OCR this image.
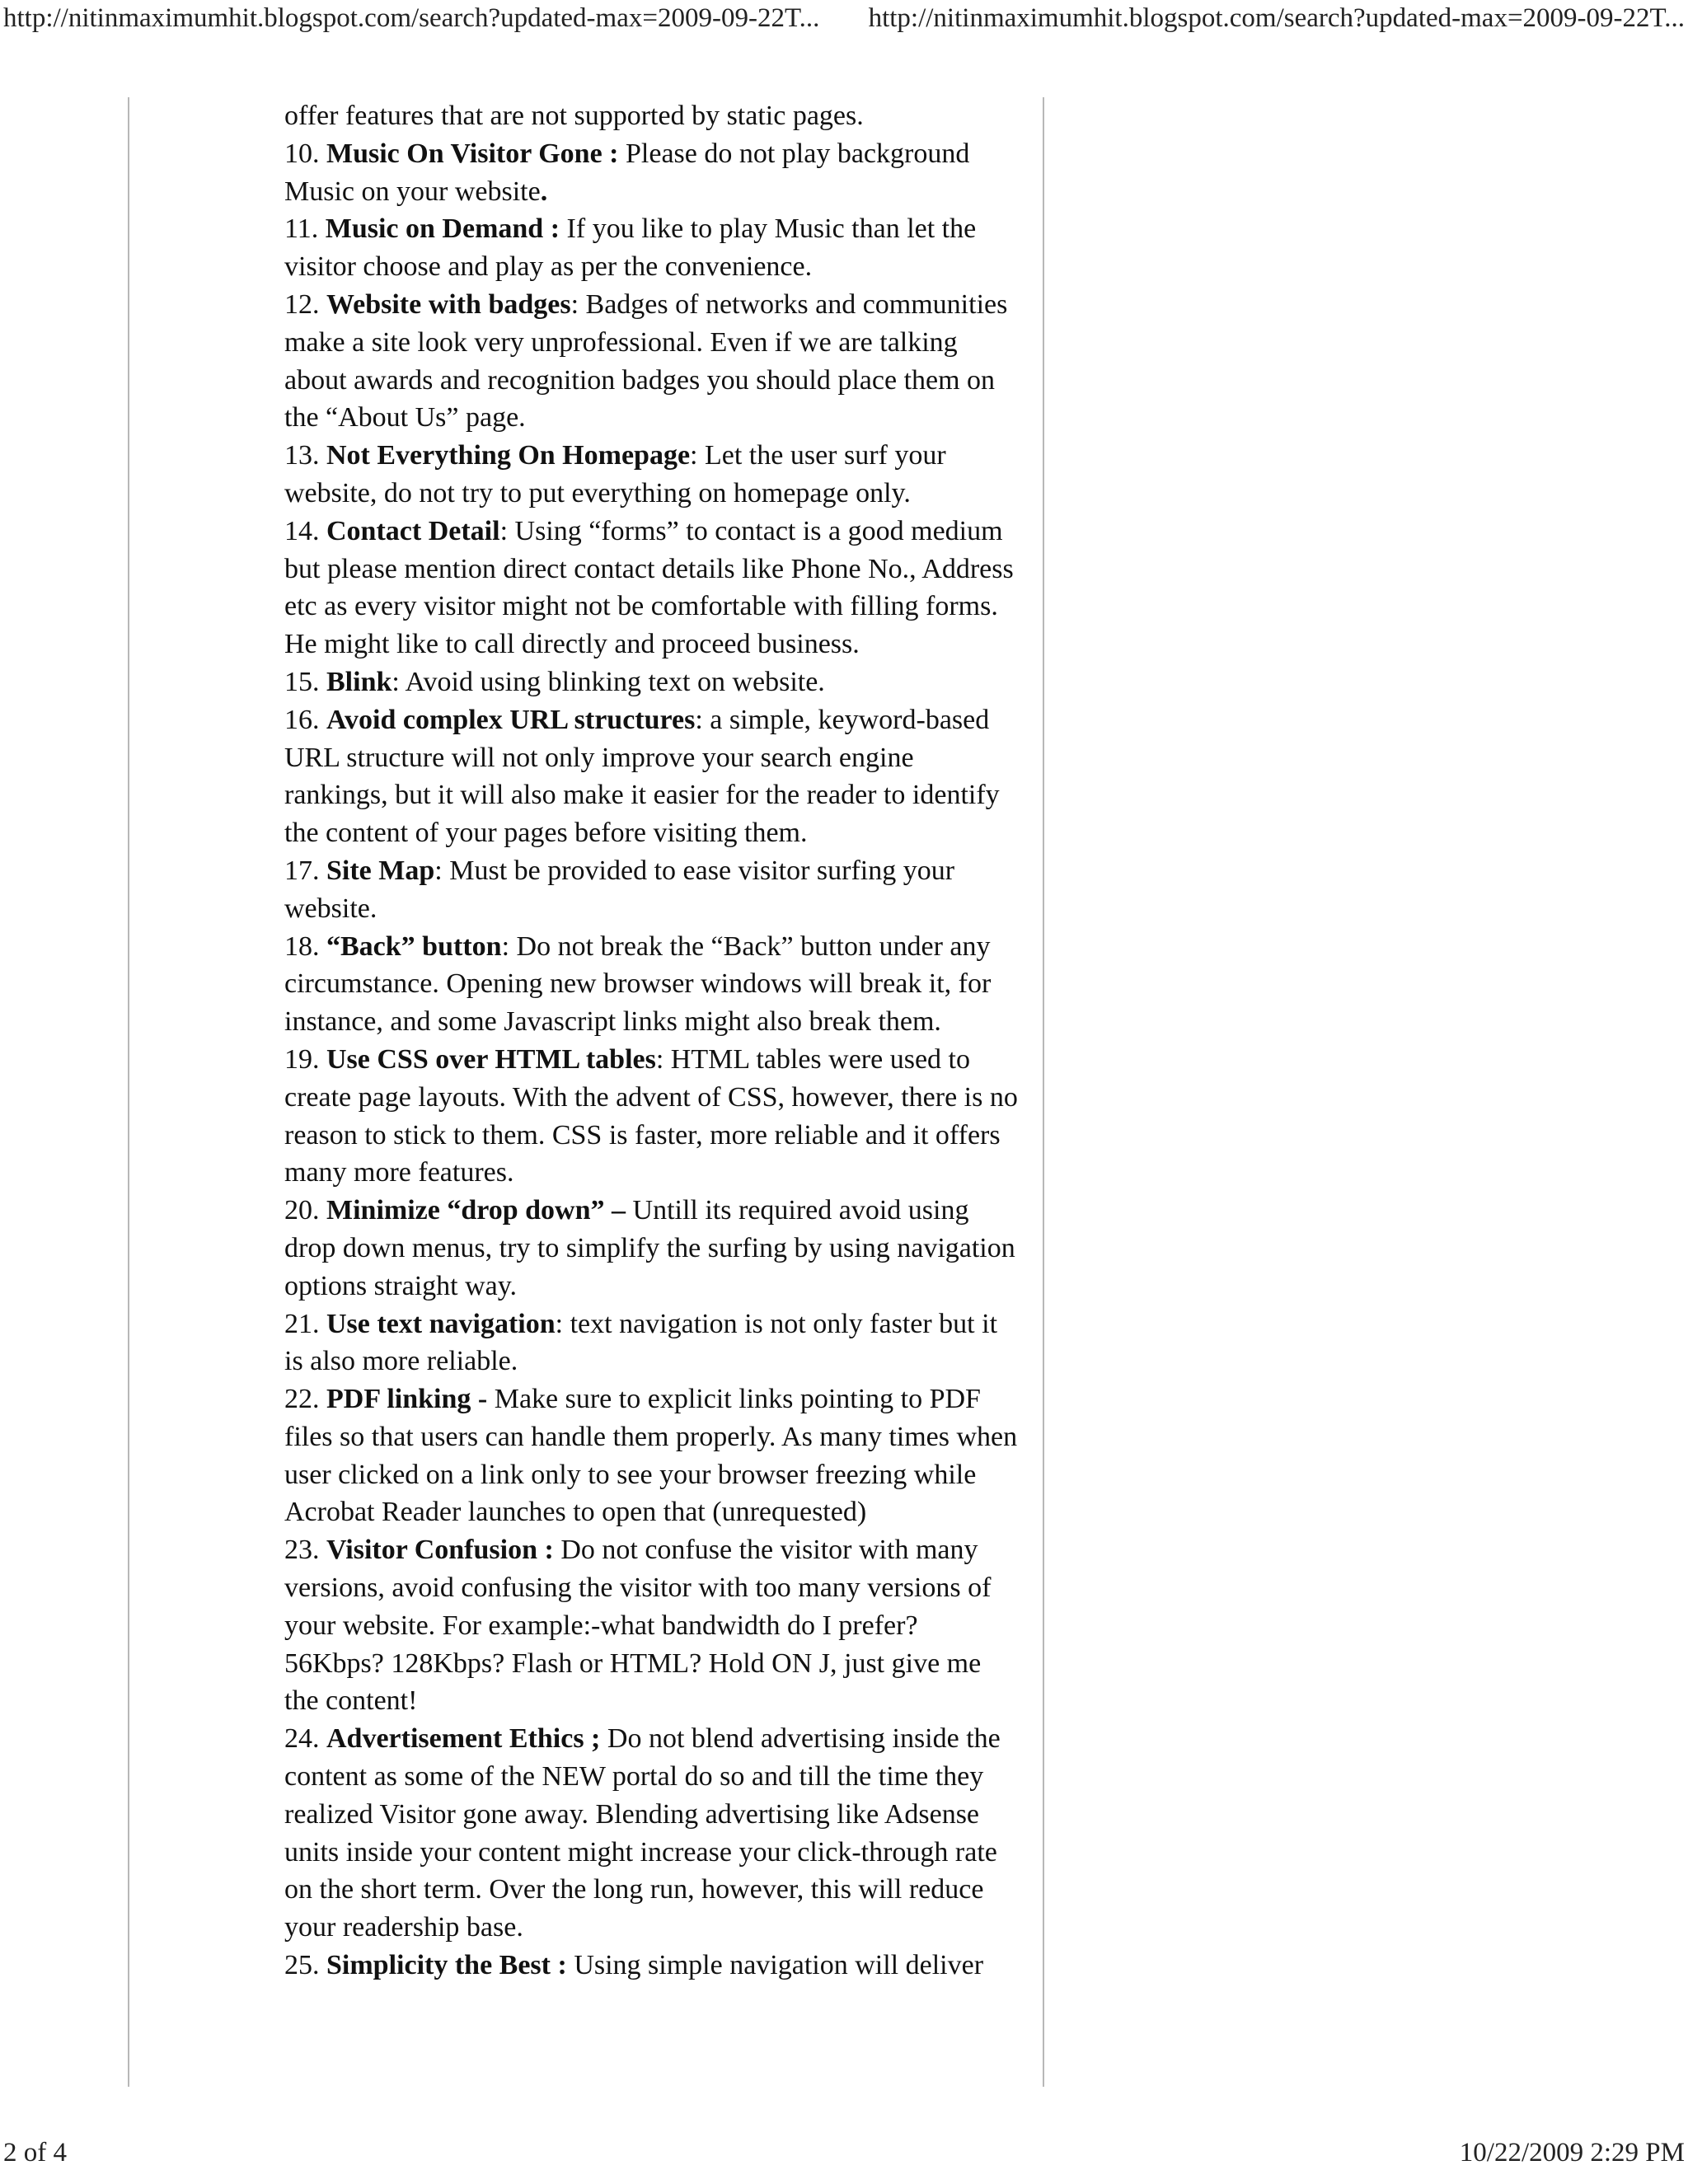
http://nitinmaximumhit.blogspot.com/search?updated-max=2009-09-22T... http://nitinmaximumhit.blogspot.com/search?updated-max=2009-09-22T...

offer features that are not supported by static pages.

10. Music On Visitor Gone : Please do not play background Music on your website.

11. Music on Demand : If you like to play Music than let the visitor choose and play as per the convenience.

12. Website with badges: Badges of networks and communities make a site look very unprofessional. Even if we are talking about awards and recognition badges you should place them on the “About Us” page.

13. Not Everything On Homepage: Let the user surf your website, do not try to put everything on homepage only.

14. Contact Detail: Using “forms” to contact is a good medium but please mention direct contact details like Phone No., Address etc as every visitor might not be comfortable with filling forms. He might like to call directly and proceed business.

15. Blink: Avoid using blinking text on website.

16. Avoid complex URL structures: a simple, keyword-based URL structure will not only improve your search engine rankings, but it will also make it easier for the reader to identify the content of your pages before visiting them.

17. Site Map: Must be provided to ease visitor surfing your website.

18. “Back” button: Do not break the “Back” button under any circumstance. Opening new browser windows will break it, for instance, and some Javascript links might also break them.

19. Use CSS over HTML tables: HTML tables were used to create page layouts. With the advent of CSS, however, there is no reason to stick to them. CSS is faster, more reliable and it offers many more features.

20. Minimize “drop down” – Untill its required avoid using drop down menus, try to simplify the surfing by using navigation options straight way.

21. Use text navigation: text navigation is not only faster but it is also more reliable.

22. PDF linking - Make sure to explicit links pointing to PDF files so that users can handle them properly. As many times when user clicked on a link only to see your browser freezing while Acrobat Reader launches to open that (unrequested)

23. Visitor Confusion : Do not confuse the visitor with many versions, avoid confusing the visitor with too many versions of your website. For example:-what bandwidth do I prefer? 56Kbps? 128Kbps? Flash or HTML? Hold ON J, just give me the content!

24. Advertisement Ethics ; Do not blend advertising inside the content as some of the NEW portal do so and till the time they realized Visitor gone away. Blending advertising like Adsense units inside your content might increase your click-through rate on the short term. Over the long run, however, this will reduce your readership base.

25. Simplicity the Best : Using simple navigation will deliver

2 of 4	10/22/2009 2:29 PM
